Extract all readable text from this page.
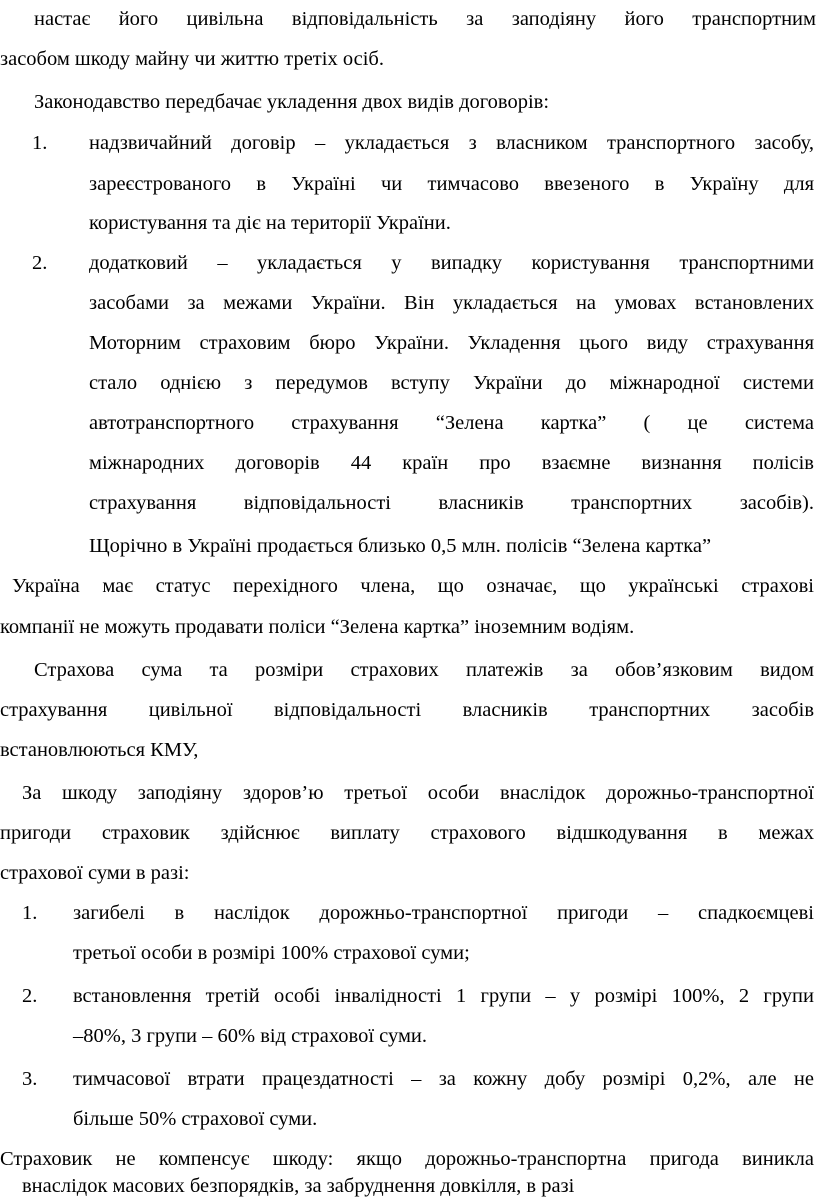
настає його цивільна відповідальність за заподіяну його транспортним
засобом шкоду майну чи життю третіх осіб.
Законодавство передбачає укладення двох видів договорів:
1. надзвичайний договір – укладається з власником транспортного засобу,
зареєстрованого в Україні чи тимчасово ввезеного в Україну для
користування та діє на території України.
2. додатковий – укладається у випадку користування транспортними
засобами за межами України. Він укладається на умовах встановлених
Моторним страховим бюро України. Укладення цього виду страхування
стало однією з передумов вступу України до міжнародної системи
автотранспортного страхування “Зелена картка” ( це система
міжнародних договорів 44 країн про взаємне визнання полісів
страхування відповідальності власників транспортних засобів).
Щорічно в Україні продається близько 0,5 млн. полісів “Зелена картка”
Україна має статус перехідного члена, що означає, що українські страхові
компанії не можуть продавати поліси “Зелена картка” іноземним водіям.
Страхова сума та розміри страхових платежів за обов’язковим видом
страхування цивільної відповідальності власників транспортних засобів
встановлюються КМУ,
За шкоду заподіяну здоров’ю третьої особи внаслідок дорожньо-транспортної
пригоди страховик здійснює виплату страхового відшкодування в межах
страхової суми в разі:
1. загибелі в наслідок дорожньо-транспортної пригоди – спадкоємцеві
третьої особи в розмірі 100% страхової суми;
2. встановлення третій особі інвалідності 1 групи – у розмірі 100%, 2 групи
–80%, 3 групи – 60% від страхової суми.
3. тимчасової втрати працездатності – за кожну добу розмірі 0,2%, але не
більше 50% страхової суми.
Страховик не компенсує шкоду: якщо дорожньо-транспортна пригода виникла
внаслідок масових безпорядків, за забруднення довкілля, в разі
